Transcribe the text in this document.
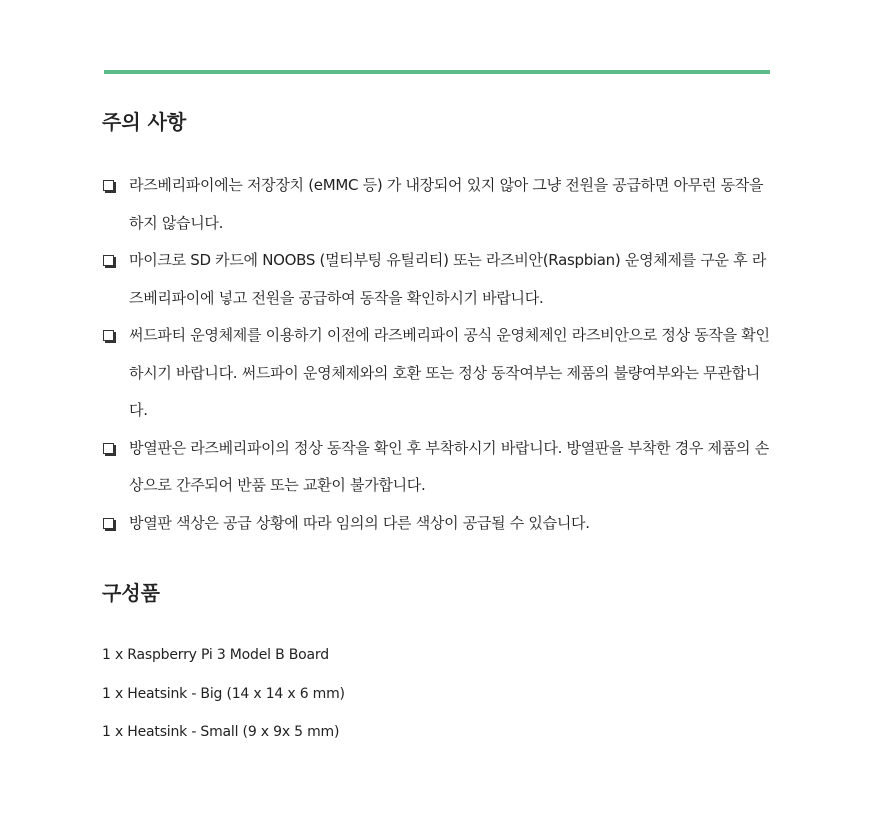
주의 사항
라즈베리파이에는 저장장치 (eMMC 등) 가 내장되어 있지 않아 그냥 전원을 공급하면 아무런 동작을 하지 않습니다.
마이크로 SD 카드에 NOOBS (멀티부팅 유틸리티) 또는 라즈비안(Raspbian) 운영체제를 구운 후 라즈베리파이에 넣고 전원을 공급하여 동작을 확인하시기 바랍니다.
써드파티 운영체제를 이용하기 이전에 라즈베리파이 공식 운영체제인 라즈비안으로 정상 동작을 확인하시기 바랍니다. 써드파이 운영체제와의 호환 또는 정상 동작여부는 제품의 불량여부와는 무관합니다.
방열판은 라즈베리파이의 정상 동작을 확인 후 부착하시기 바랍니다. 방열판을 부착한 경우 제품의 손상으로 간주되어 반품 또는 교환이 불가합니다.
방열판 색상은 공급 상황에 따라 임의의 다른 색상이 공급될 수 있습니다.
구성품
1 x Raspberry Pi 3 Model B Board
1 x Heatsink - Big (14 x 14 x 6 mm)
1 x Heatsink - Small (9 x 9x 5 mm)
